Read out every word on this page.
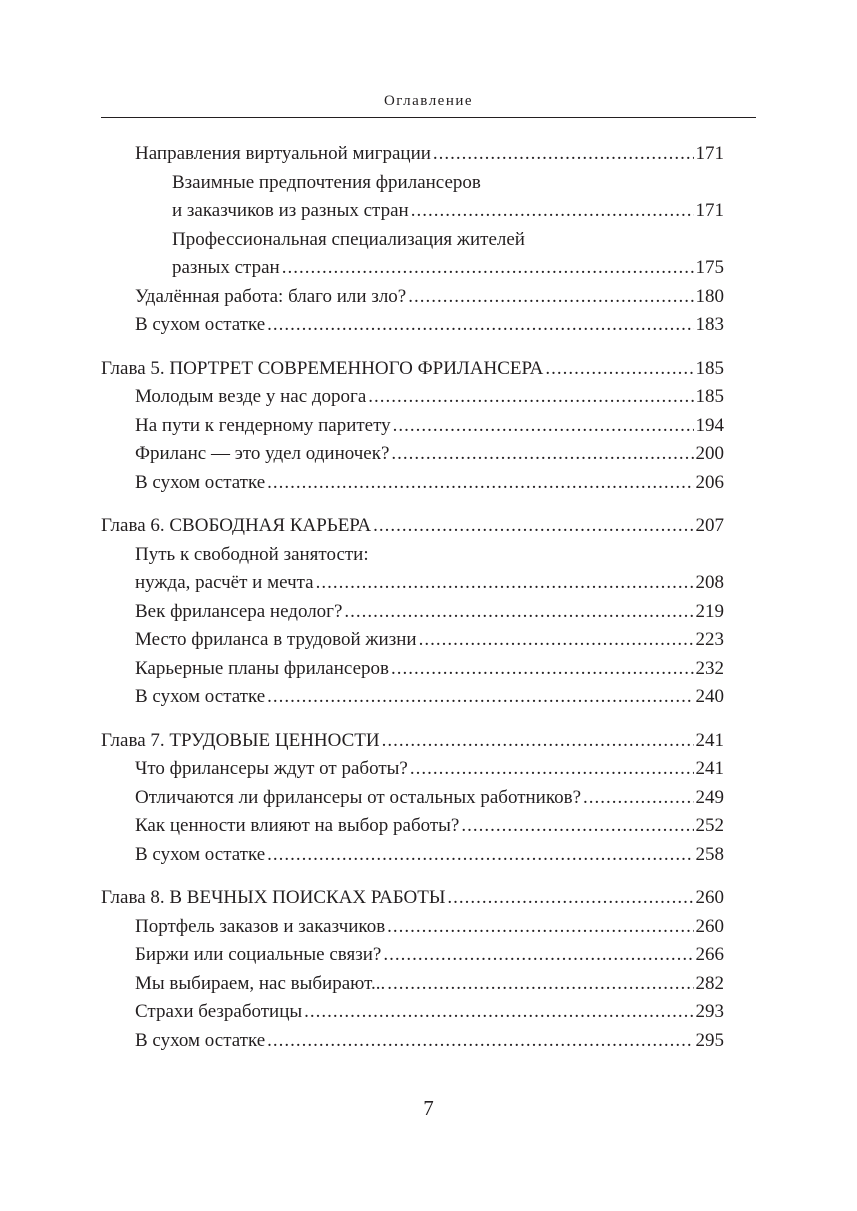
Оглавление
Направления виртуальной миграции .....	171
Взаимные предпочтения фрилансеров
и заказчиков из разных стран .....	171
Профессиональная специализация жителей
разных стран .....	175
Удалённая работа: благо или зло? .....	180
В сухом остатке .....	183
Глава 5. ПОРТРЕТ СОВРЕМЕННОГО ФРИЛАНСЕРА .....	185
Молодым везде у нас дорога .....	185
На пути к гендерному паритету .....	194
Фриланс — это удел одиночек? .....	200
В сухом остатке .....	206
Глава 6. СВОБОДНАЯ КАРЬЕРА .....	207
Путь к свободной занятости:
нужда, расчёт и мечта .....	208
Век фрилансера недолог? .....	219
Место фриланса в трудовой жизни .....	223
Карьерные планы фрилансеров .....	232
В сухом остатке .....	240
Глава 7. ТРУДОВЫЕ ЦЕННОСТИ .....	241
Что фрилансеры ждут от работы? .....	241
Отличаются ли фрилансеры от остальных работников? .....	249
Как ценности влияют на выбор работы? .....	252
В сухом остатке .....	258
Глава 8. В ВЕЧНЫХ ПОИСКАХ РАБОТЫ .....	260
Портфель заказов и заказчиков .....	260
Биржи или социальные связи? .....	266
Мы выбираем, нас выбирают... .....	282
Страхи безработицы .....	293
В сухом остатке .....	295
7
